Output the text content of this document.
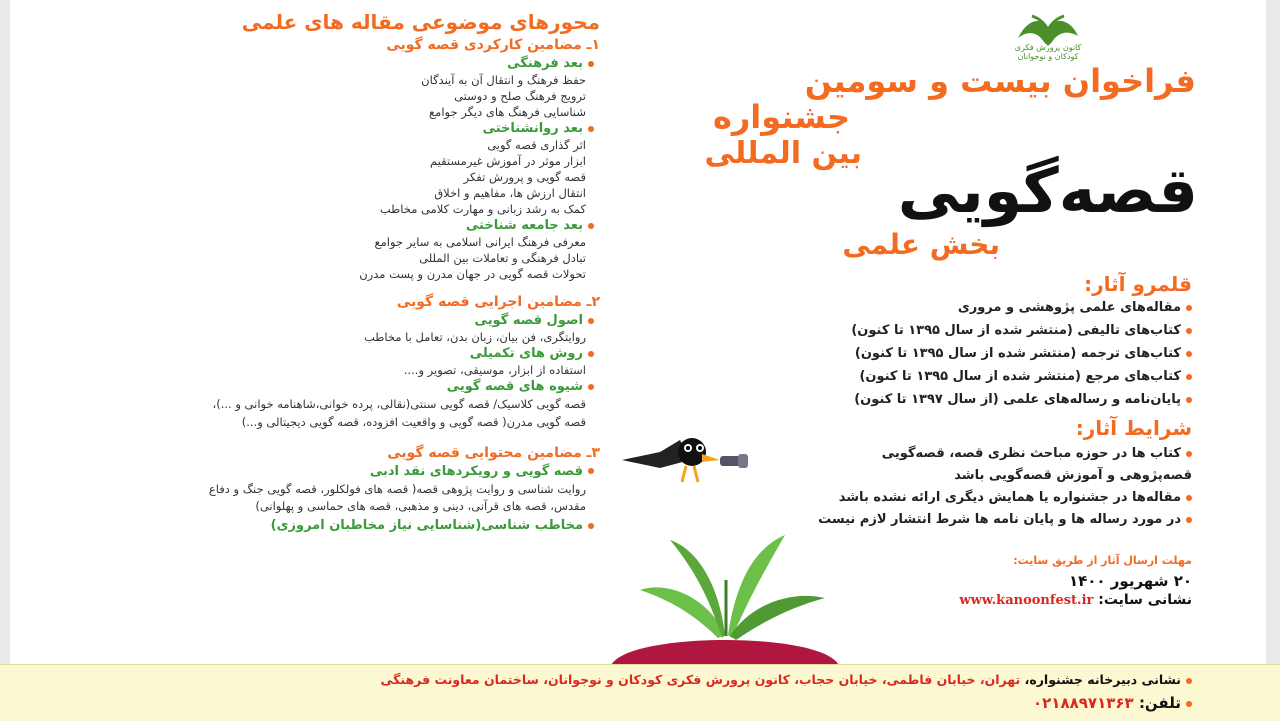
محورهای موضوعی مقاله های علمی
۱ـ مضامین کارکردی قصه گویی
بعد فرهنگی
حفظ فرهنگ و انتقال آن به آیندگان
ترویج فرهنگ صلح و دوستی
شناسایی فرهنگ های دیگر جوامع
بعد روانشناختی
اثر گذاری قصه گویی
ابزار موثر در آموزش غیرمستقیم
قصه گویی و پرورش تفکر
انتقال ارزش ها، مفاهیم و اخلاق
کمک به رشد زبانی و مهارت کلامی مخاطب
بعد جامعه شناختی
معرفی فرهنگ ایرانی اسلامی به سایر جوامع
تبادل فرهنگی و تعاملات بین المللی
تحولات قصه گویی در جهان مدرن و پست مدرن
۲ـ مضامین اجرایی قصه گویی
اصول قصه گویی
روایتگری، فن بیان، زبان بدن، تعامل با مخاطب
روش های تکمیلی
استفاده از ابزار، موسیقی، تصویر و....
شیوه های قصه گویی
قصه گویی کلاسیک/ قصه گویی سنتی(نقالی، پرده خوانی،شاهنامه خوانی و ...)، قصه گویی مدرن( قصه گویی و واقعیت افزوده، قصه گویی دیجیتالی و...)
۳ـ مضامین محتوایی قصه گویی
قصه گویی و رویکردهای نقد ادبی
روایت شناسی و روایت پژوهی قصه( قصه های فولکلور، قصه گویی جنگ و دفاع مقدس، قصه های قرآنی، دینی و مذهبی، قصه های حماسی و پهلوانی)
مخاطب شناسی(شناسایی نیاز مخاطبان امروزی)
کانون پرورش فکری کودکان و نوجوانان
فراخوان بیست و سومین
جشنواره
بین المللی
قصه‌گویی
بخش علمی
قلمرو آثار:
مقاله‌های علمی پژوهشی و مروری
کتاب‌های تالیفی (منتشر شده از سال ۱۳۹۵ تا کنون)
کتاب‌های ترجمه (منتشر شده از سال ۱۳۹۵ تا کنون)
کتاب‌های مرجع (منتشر شده از سال ۱۳۹۵ تا کنون)
پایان‌نامه و رساله‌های علمی (از سال ۱۳۹۷ تا کنون)
شرایط آثار:
کتاب ها در حوزه مباحث نظری قصه، قصه‌گویی
قصه‌پژوهی و آموزش قصه‌گویی باشد
مقاله‌ها در جشنواره یا همایش دیگری ارائه نشده باشد
در مورد رساله ها و پایان نامه ها شرط انتشار لازم نیست
مهلت ارسال آثار از طریق سایت:
۲۰ شهریور ۱۴۰۰
نشانی سایت: www.kanoonfest.ir
نشانی دبیرخانه جشنواره، تهران، خیابان فاطمی، خیابان حجاب، کانون پرورش فکری کودکان و نوجوانان، ساختمان معاونت فرهنگی
تلفن: ۰۲۱۸۸۹۷۱۳۶۳
